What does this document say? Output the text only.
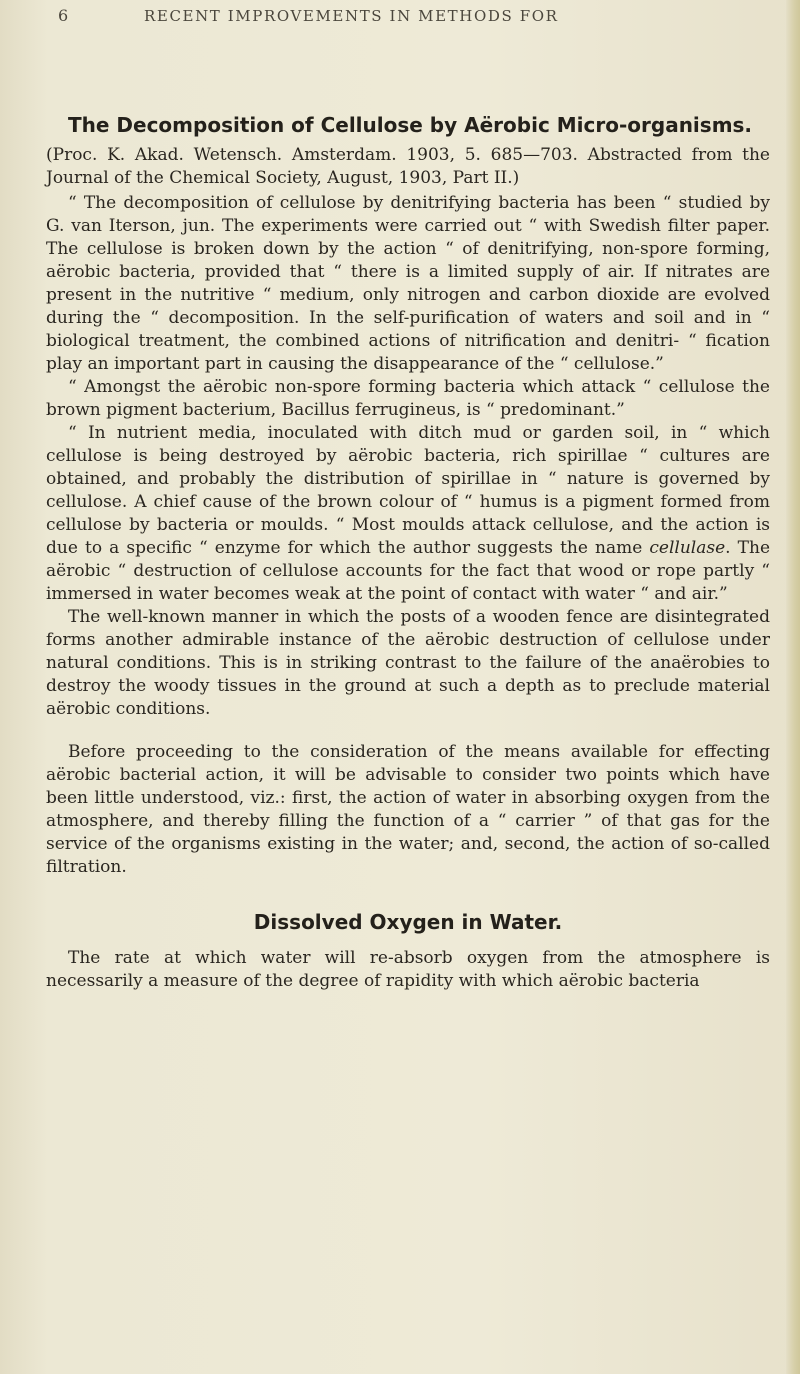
6	RECENT IMPROVEMENTS IN METHODS FOR
The Decomposition of Cellulose by Aërobic Micro-organisms.

(Proc. K. Akad. Wetensch. Amsterdam. 1903, 5. 685—703. Abstracted from the Journal of the Chemical Society, August, 1903, Part II.)

“ The decomposition of cellulose by denitrifying bacteria has been “ studied by G. van Iterson, jun. The experiments were carried out “ with Swedish filter paper. The cellulose is broken down by the action “ of denitrifying, non-spore forming, aërobic bacteria, provided that “ there is a limited supply of air. If nitrates are present in the nutritive “ medium, only nitrogen and carbon dioxide are evolved during the “ decomposition. In the self-purification of waters and soil and in “ biological treatment, the combined actions of nitrification and denitri- “ fication play an important part in causing the disappearance of the “ cellulose.”

“ Amongst the aërobic non-spore forming bacteria which attack “ cellulose the brown pigment bacterium, Bacillus ferrugineus, is “ predominant.”

“ In nutrient media, inoculated with ditch mud or garden soil, in “ which cellulose is being destroyed by aërobic bacteria, rich spirillae “ cultures are obtained, and probably the distribution of spirillae in “ nature is governed by cellulose. A chief cause of the brown colour of “ humus is a pigment formed from cellulose by bacteria or moulds. “ Most moulds attack cellulose, and the action is due to a specific “ enzyme for which the author suggests the name cellulase. The aërobic “ destruction of cellulose accounts for the fact that wood or rope partly “ immersed in water becomes weak at the point of contact with water “ and air.”

The well-known manner in which the posts of a wooden fence are disintegrated forms another admirable instance of the aërobic destruction of cellulose under natural conditions. This is in striking contrast to the failure of the anaërobies to destroy the woody tissues in the ground at such a depth as to preclude material aërobic conditions.

Before proceeding to the consideration of the means available for effecting aërobic bacterial action, it will be advisable to consider two points which have been little understood, viz.: first, the action of water in absorbing oxygen from the atmosphere, and thereby filling the function of a “ carrier ” of that gas for the service of the organisms existing in the water; and, second, the action of so-called filtration.

Dissolved Oxygen in Water.

The rate at which water will re-absorb oxygen from the atmosphere is necessarily a measure of the degree of rapidity with which aërobic bacteria
